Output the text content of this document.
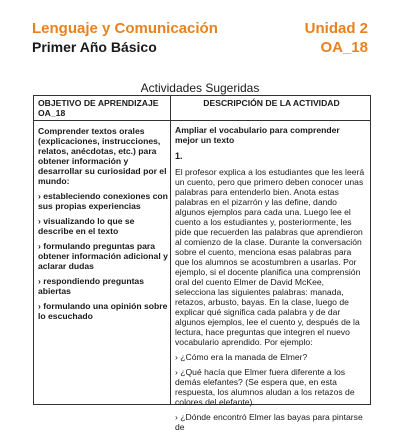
Lenguaje y Comunicación
Primer Año Básico
Unidad 2
OA_18
Actividades Sugeridas
OBJETIVO DE APRENDIZAJE OA_18
DESCRIPCIÓN DE LA ACTIVIDAD

Comprender textos orales (explicaciones, instrucciones, relatos, anécdotas, etc.) para obtener información y desarrollar su curiosidad por el mundo:

› estableciendo conexiones con sus propias experiencias

› visualizando lo que se describe en el texto

› formulando preguntas para obtener información adicional y aclarar dudas

› respondiendo preguntas abiertas

› formulando una opinión sobre lo escuchado

Ampliar el vocabulario para comprender mejor un texto

1.

El profesor explica a los estudiantes que les leerá un cuento, pero que primero deben conocer unas palabras para entenderlo bien. Anota estas palabras en el pizarrón y las define, dando algunos ejemplos para cada una. Luego lee el cuento a los estudiantes y, posteriormente, les pide que recuerden las palabras que aprendieron al comienzo de la clase. Durante la conversación sobre el cuento, menciona esas palabras para que los alumnos se acostumbren a usarlas. Por ejemplo, si el docente planifica una comprensión oral del cuento Elmer de David McKee, selecciona las siguientes palabras: manada, retazos, arbusto, bayas. En la clase, luego de explicar qué significa cada palabra y de dar algunos ejemplos, lee el cuento y, después de la lectura, hace preguntas que integren el nuevo vocabulario aprendido. Por ejemplo:

› ¿Cómo era la manada de Elmer?

› ¿Qué hacía que Elmer fuera diferente a los demás elefantes? (Se espera que, en esta respuesta, los alumnos aludan a los retazos de colores del elefante).

› ¿Dónde encontró Elmer las bayas para pintarse de
